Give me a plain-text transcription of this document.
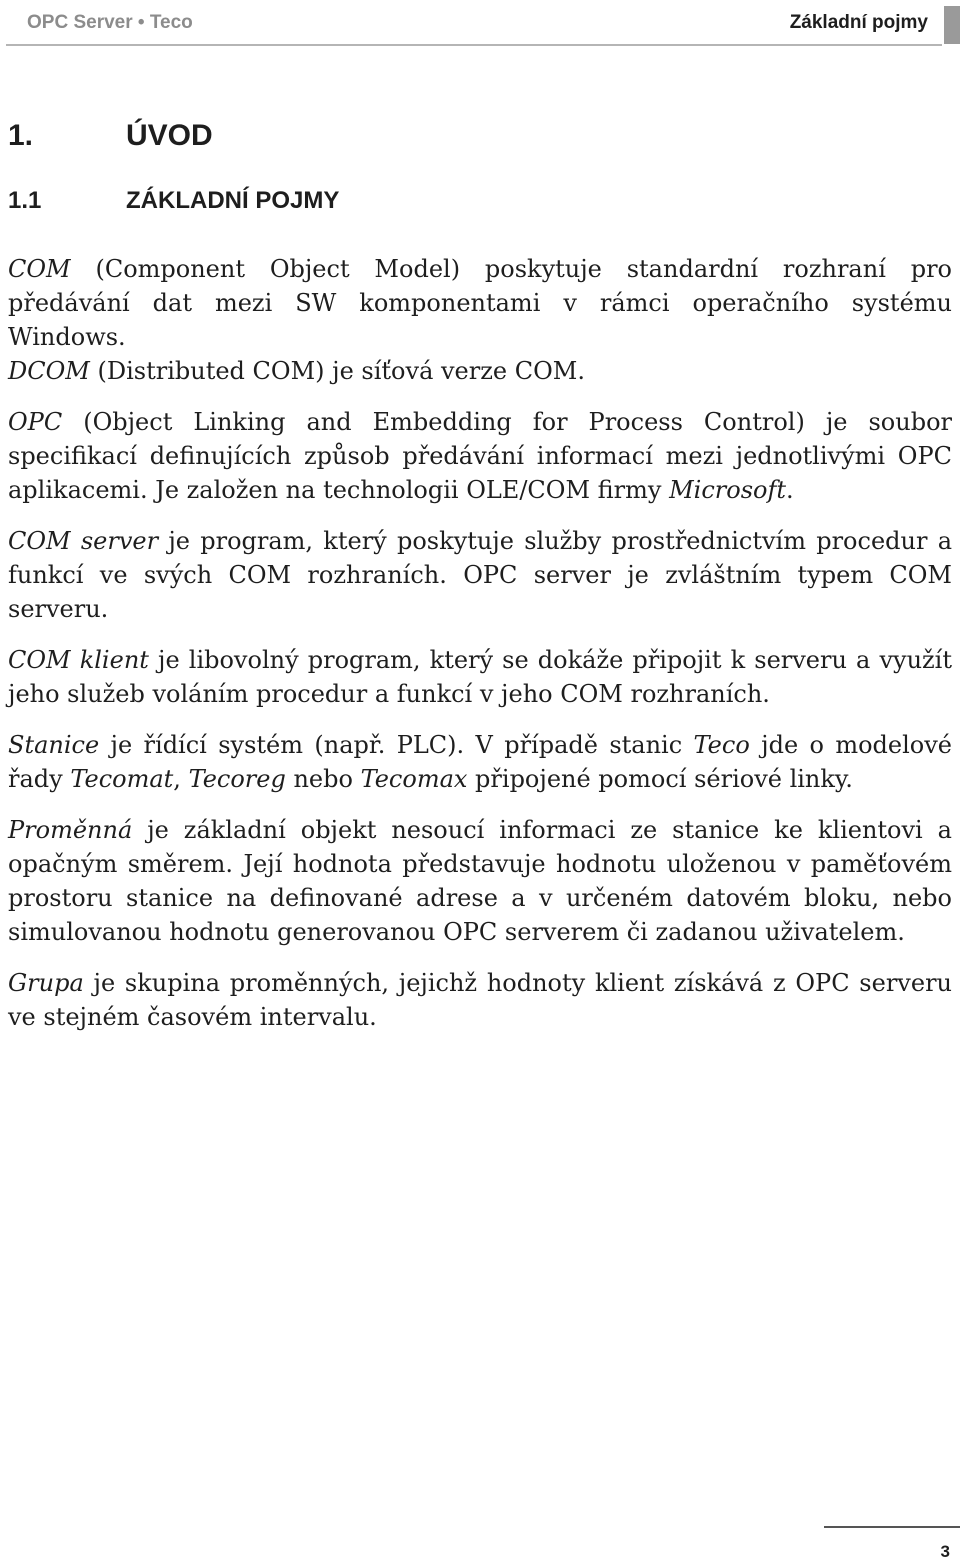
OPC Server • Teco	Základní pojmy
1.	ÚVOD
1.1	ZÁKLADNÍ POJMY

COM (Component Object Model) poskytuje standardní rozhraní pro předávání dat mezi SW komponentami v rámci operačního systému Windows.

DCOM (Distributed COM) je síťová verze COM.

OPC (Object Linking and Embedding for Process Control) je soubor specifikací definujících způsob předávání informací mezi jednotlivými OPC aplikacemi. Je založen na technologii OLE/COM firmy Microsoft.

COM server je program, který poskytuje služby prostřednictvím procedur a funkcí ve svých COM rozhraních. OPC server je zvláštním typem COM serveru.

COM klient je libovolný program, který se dokáže připojit k serveru a využít jeho služeb voláním procedur a funkcí v jeho COM rozhraních.

Stanice je řídící systém (např. PLC). V případě stanic Teco jde o modelové řady Tecomat, Tecoreg nebo Tecomax připojené pomocí sériové linky.

Proměnná je základní objekt nesoucí informaci ze stanice ke klientovi a opačným směrem. Její hodnota představuje hodnotu uloženou v paměťovém prostoru stanice na definované adrese a v určeném datovém bloku, nebo simulovanou hodnotu generovanou OPC serverem či zadanou uživatelem.

Grupa je skupina proměnných, jejichž hodnoty klient získává z OPC serveru ve stejném časovém intervalu.

3
